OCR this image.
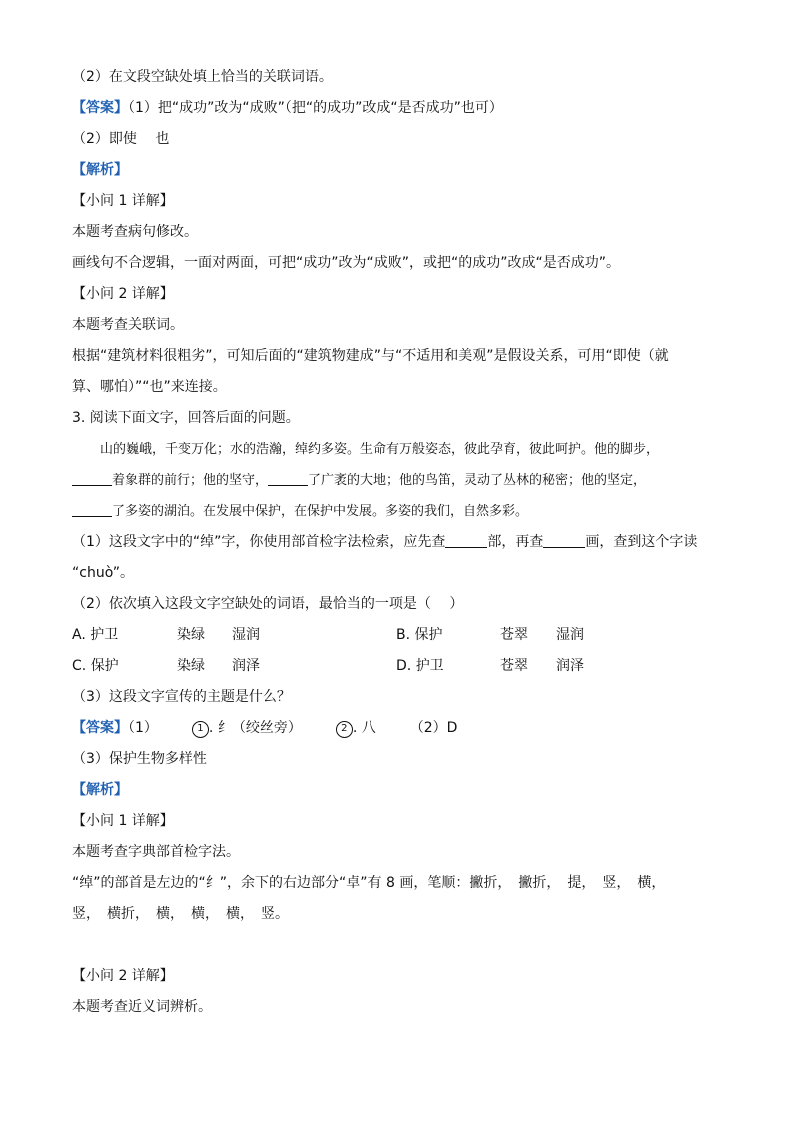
（2）在文段空缺处填上恰当的关联词语。
【答案】（1）把“成功”改为“成败”（把“的成功”改成“是否成功”也可）
（2）即使　 也
【解析】
【小问 1 详解】
本题考查病句修改。
画线句不合逻辑，一面对两面，可把“成功”改为“成败”，或把“的成功”改成“是否成功”。
【小问 2 详解】
本题考查关联词。
根据“建筑材料很粗劣”，可知后面的“建筑物建成”与“不适用和美观”是假设关系，可用“即使（就
算、哪怕）”“也”来连接。
3. 阅读下面文字，回答后面的问题。
山的巍峨，千变万化；水的浩瀚，绰约多姿。生命有万般姿态，彼此孕育，彼此呵护。他的脚步，
着象群的前行；他的坚守，	了广袤的大地；他的鸟笛，灵动了丛林的秘密；他的坚定，
了多姿的湖泊。在发展中保护，在保护中发展。多姿的我们，自然多彩。
（1）这段文字中的“绰”字，你使用部首检字法检索，应先查	部，再查	画，查到这个字读
“chuò”。
（2）依次填入这段文字空缺处的词语，最恰当的一项是（　 ）
A. 护卫	染绿 湿润	B. 保护	苍翠 湿润
C. 保护	染绿 润泽	D. 护卫	苍翠 润泽
（3）这段文字宣传的主题是什么？
【答案】（1）	1 . 纟（绞丝旁）	2 . 八 （2）D
（3）保护生物多样性
【解析】
【小问 1 详解】
本题考查字典部首检字法。
“绰”的部首是左边的“纟”，余下的右边部分“卓”有 8 画，笔顺：撇折，　撇折，　提，　竖，　横，
竖，　横折，　横，　横，　横，　竖。
【小问 2 详解】
本题考查近义词辨析。
